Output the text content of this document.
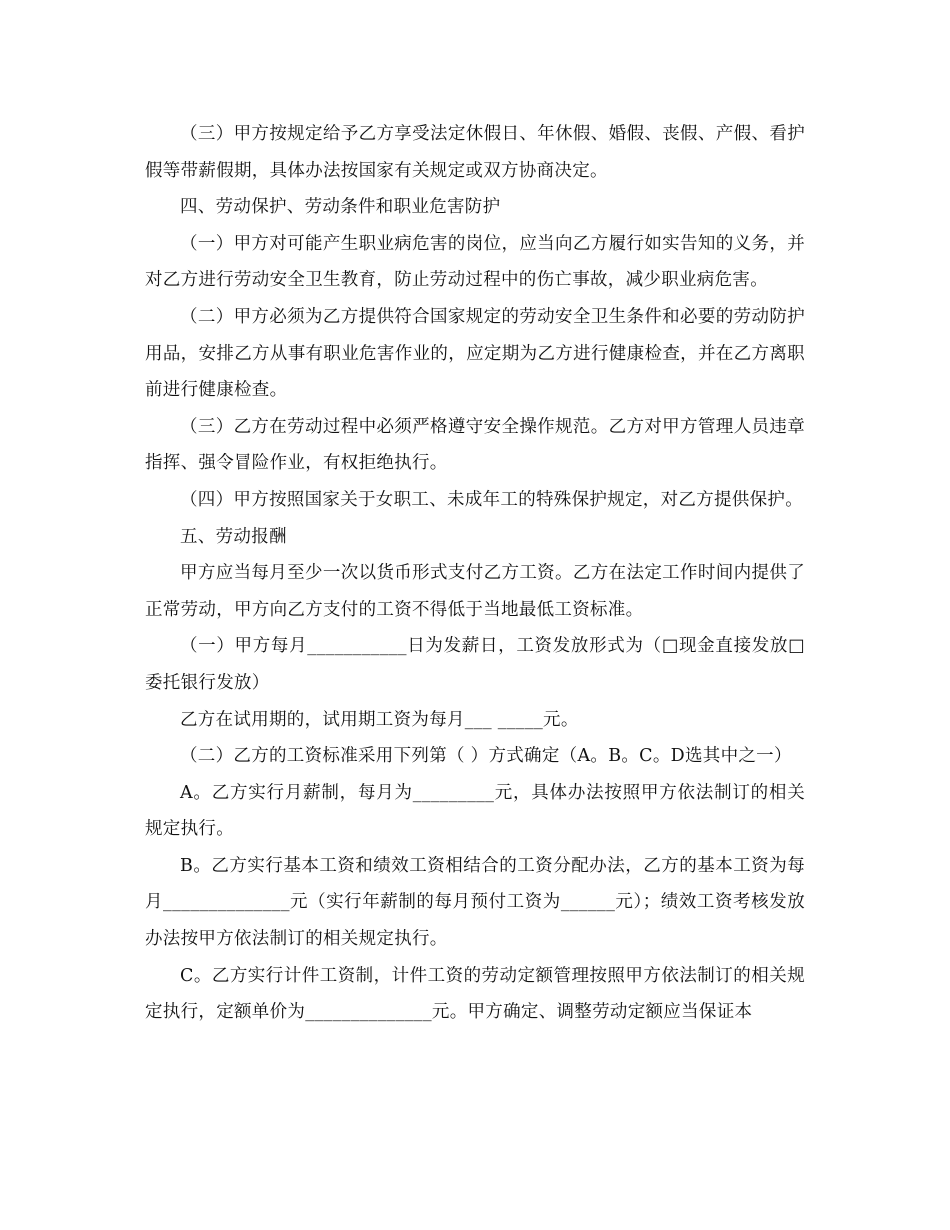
（三）甲方按规定给予乙方享受法定休假日、年休假、婚假、丧假、产假、看护假等带薪假期，具体办法按国家有关规定或双方协商决定。

四、劳动保护、劳动条件和职业危害防护

（一）甲方对可能产生职业病危害的岗位，应当向乙方履行如实告知的义务，并对乙方进行劳动安全卫生教育，防止劳动过程中的伤亡事故，减少职业病危害。

（二）甲方必须为乙方提供符合国家规定的劳动安全卫生条件和必要的劳动防护用品，安排乙方从事有职业危害作业的，应定期为乙方进行健康检查，并在乙方离职前进行健康检查。

（三）乙方在劳动过程中必须严格遵守安全操作规范。乙方对甲方管理人员违章指挥、强令冒险作业，有权拒绝执行。

（四）甲方按照国家关于女职工、未成年工的特殊保护规定，对乙方提供保护。

五、劳动报酬

甲方应当每月至少一次以货币形式支付乙方工资。乙方在法定工作时间内提供了正常劳动，甲方向乙方支付的工资不得低于当地最低工资标准。

（一）甲方每月___________日为发薪日，工资发放形式为（□现金直接发放□委托银行发放）

乙方在试用期的，试用期工资为每月___ _____元。

（二）乙方的工资标准采用下列第（ ）方式确定（A。B。C。D选其中之一）

A。乙方实行月薪制，每月为_________元，具体办法按照甲方依法制订的相关规定执行。

B。乙方实行基本工资和绩效工资相结合的工资分配办法，乙方的基本工资为每月______________元（实行年薪制的每月预付工资为______元）；绩效工资考核发放办法按甲方依法制订的相关规定执行。

C。乙方实行计件工资制，计件工资的劳动定额管理按照甲方依法制订的相关规定执行，定额单价为______________元。甲方确定、调整劳动定额应当保证本
